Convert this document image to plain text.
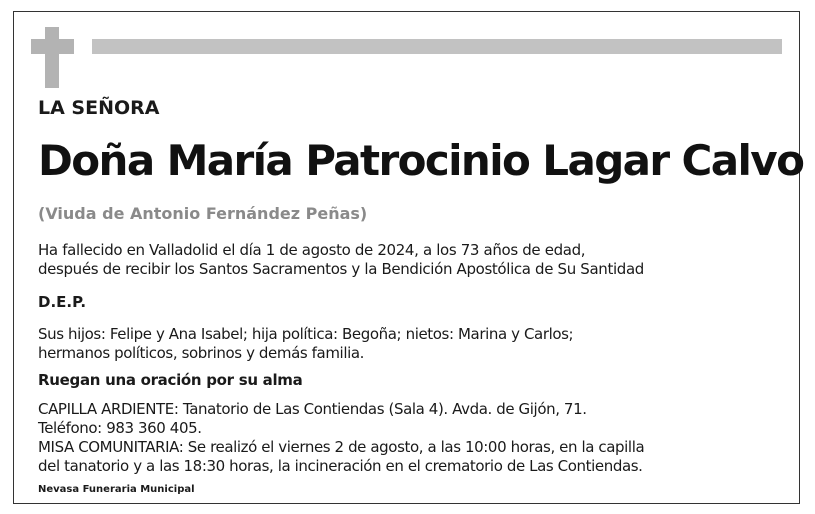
LA SEÑORA
Doña María Patrocinio Lagar Calvo
(Viuda de Antonio Fernández Peñas)
Ha fallecido en Valladolid el día 1 de agosto de 2024, a los 73 años de edad,
después de recibir los Santos Sacramentos y la Bendición Apostólica de Su Santidad
D.E.P.
Sus hijos: Felipe y Ana Isabel; hija política: Begoña; nietos: Marina y Carlos;
hermanos políticos, sobrinos y demás familia.
Ruegan una oración por su alma
CAPILLA ARDIENTE: Tanatorio de Las Contiendas (Sala 4). Avda. de Gijón, 71.
Teléfono: 983 360 405.
MISA COMUNITARIA: Se realizó el viernes 2 de agosto, a las 10:00 horas, en la capilla
del tanatorio y a las 18:30 horas, la incineración en el crematorio de Las Contiendas.
Nevasa Funeraria Municipal
